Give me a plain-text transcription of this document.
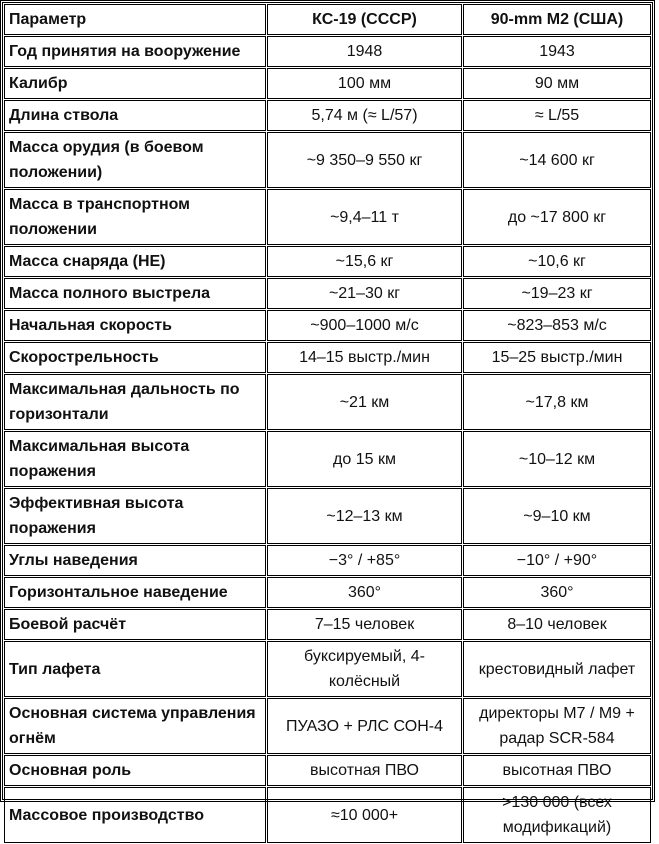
Параметр	КС-19 (СССР)	90-mm M2 (США)
Год принятия на вооружение	1948	1943
Калибр	100 мм	90 мм
Длина ствола	5,74 м (≈ L/57)	≈ L/55
Масса орудия (в боевом положении)	~9 350–9 550 кг	~14 600 кг
Масса в транспортном положении	~9,4–11 т	до ~17 800 кг
Масса снаряда (HE)	~15,6 кг	~10,6 кг
Масса полного выстрела	~21–30 кг	~19–23 кг
Начальная скорость	~900–1000 м/с	~823–853 м/с
Скорострельность	14–15 выстр./мин	15–25 выстр./мин
Максимальная дальность по горизонтали	~21 км	~17,8 км
Максимальная высота поражения	до 15 км	~10–12 км
Эффективная высота поражения	~12–13 км	~9–10 км
Углы наведения	−3° / +85°	−10° / +90°
Горизонтальное наведение	360°	360°
Боевой расчёт	7–15 человек	8–10 человек
Тип лафета	буксируемый, 4-колёсный	крестовидный лафет
Основная система управления огнём	ПУАЗО + РЛС СОН-4	директоры M7 / M9 + радар SCR-584
Основная роль	высотная ПВО	высотная ПВО
Массовое производство	≈10 000+	>130 000 (всех модификаций)
